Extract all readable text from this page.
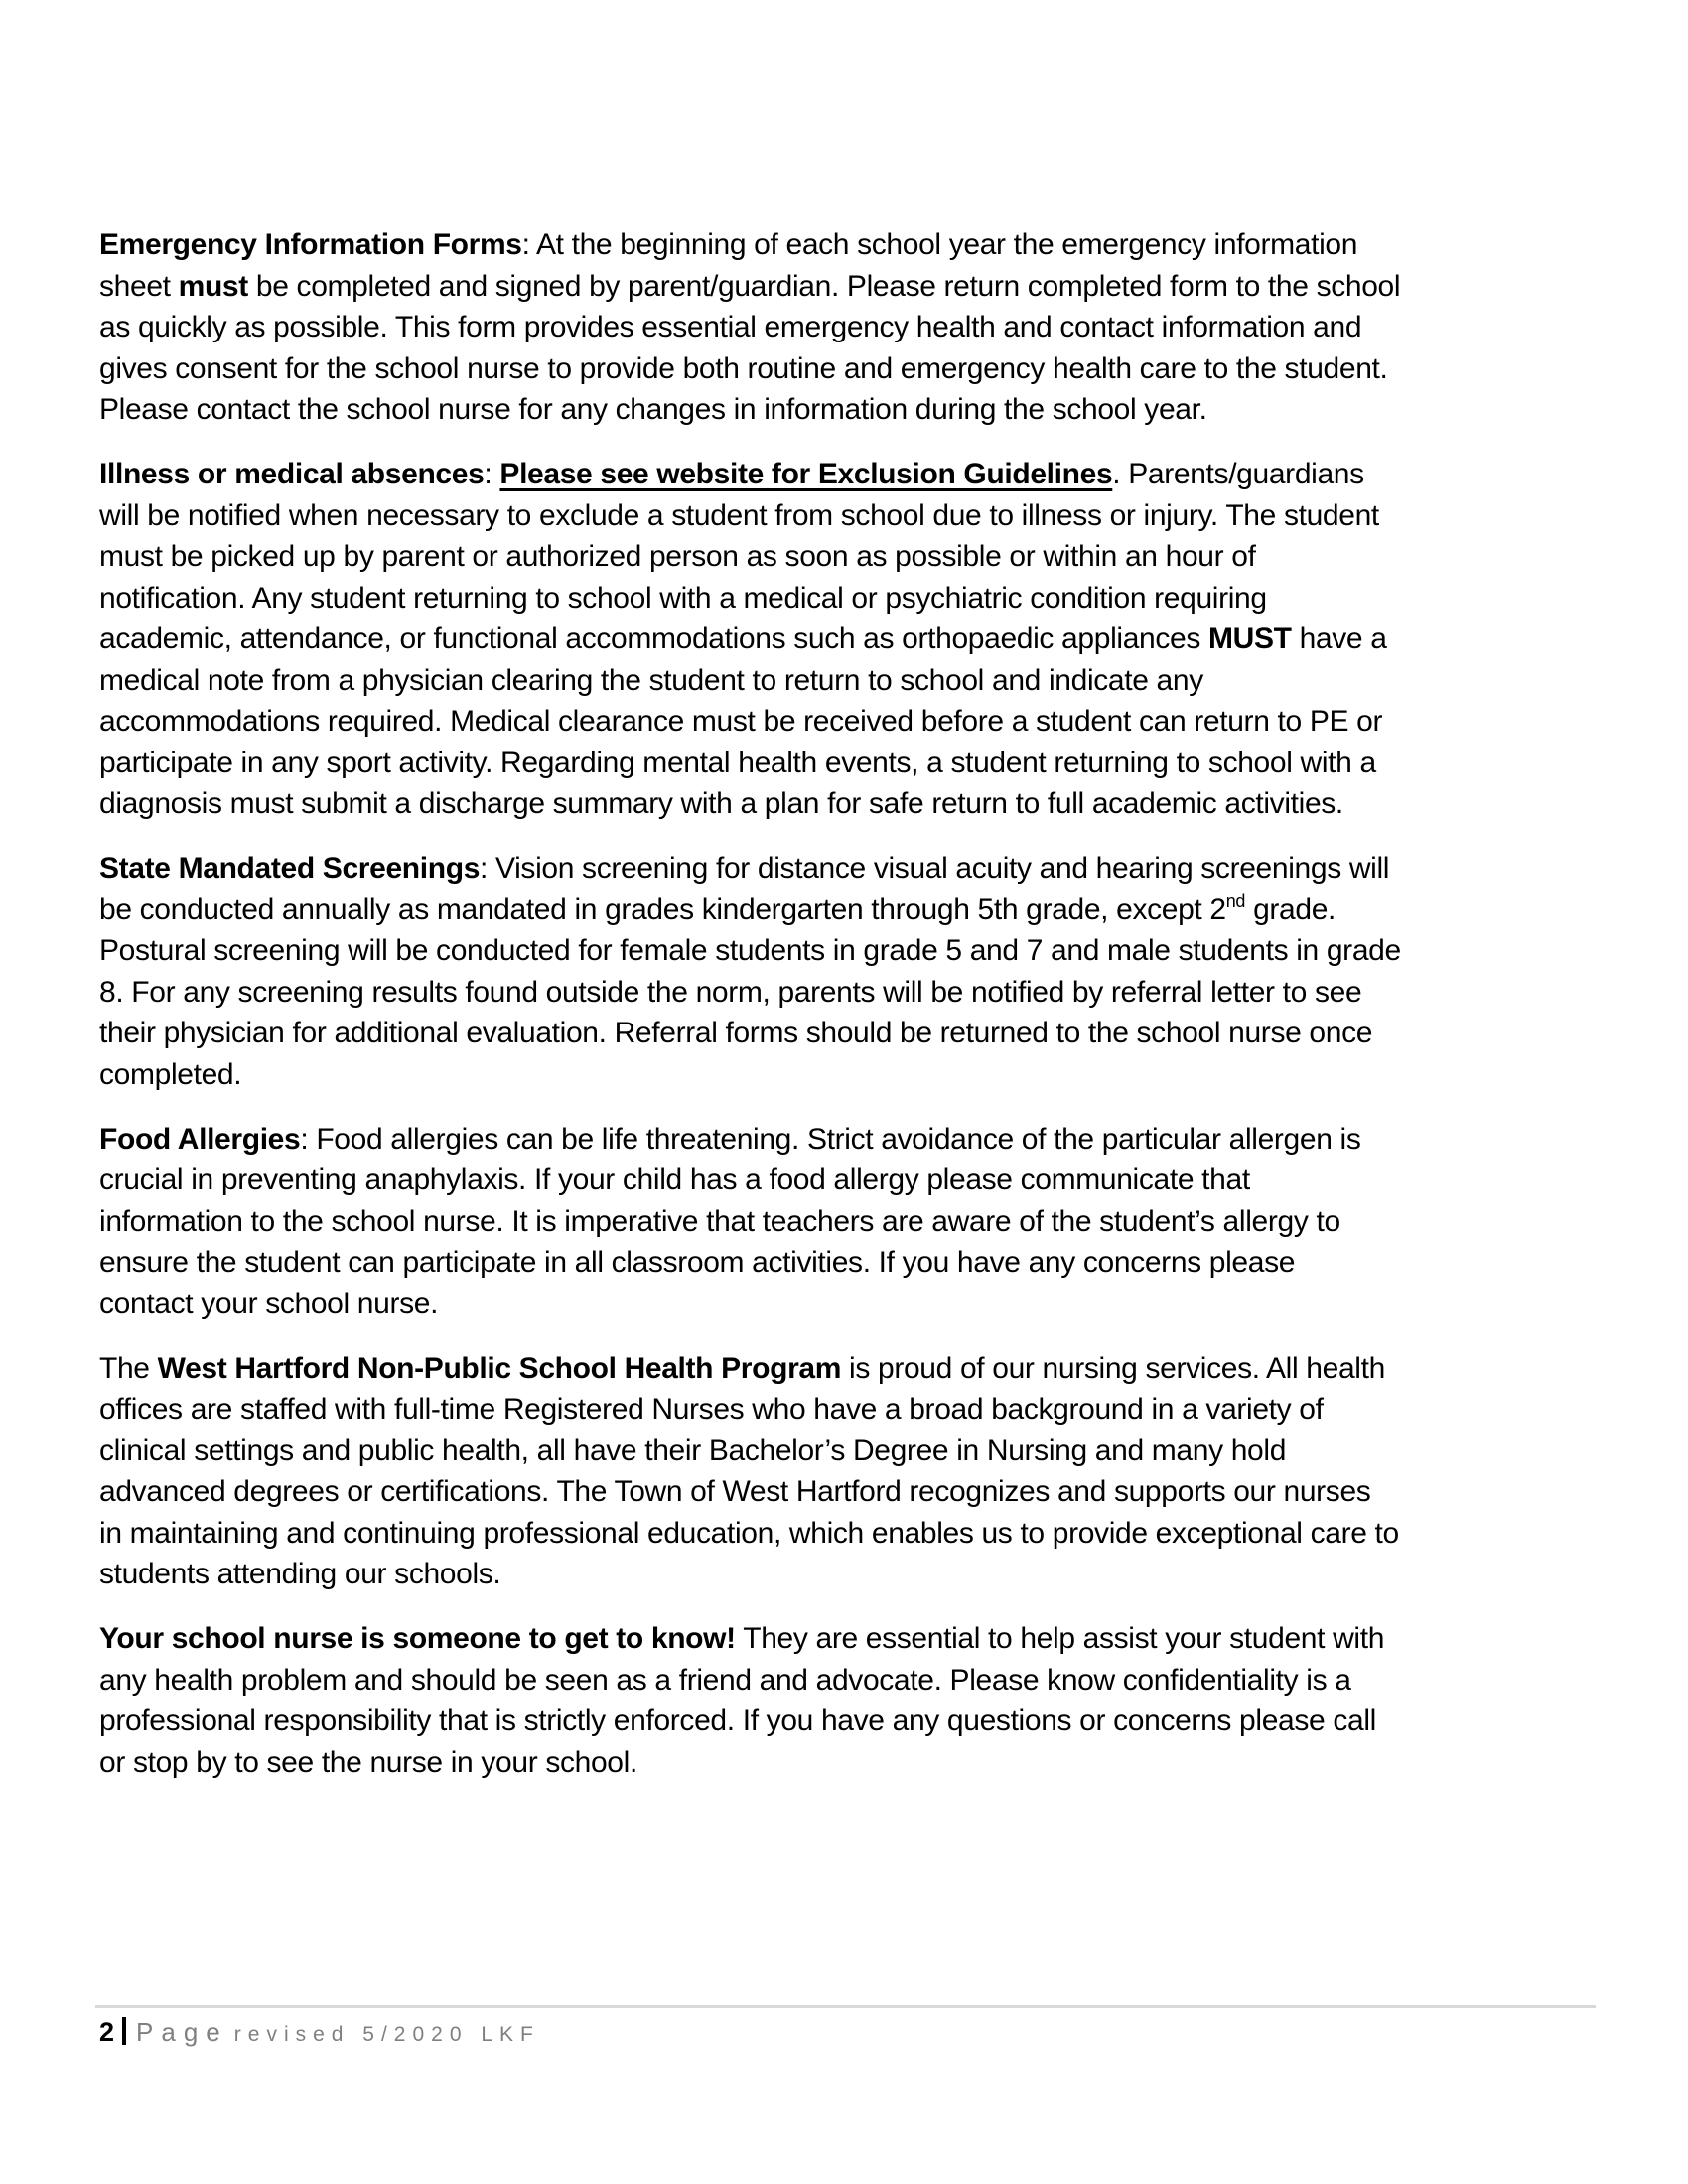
Emergency Information Forms: At the beginning of each school year the emergency information
sheet must be completed and signed by parent/guardian. Please return completed form to the school
as quickly as possible. This form provides essential emergency health and contact information and
gives consent for the school nurse to provide both routine and emergency health care to the student.
Please contact the school nurse for any changes in information during the school year.

Illness or medical absences: Please see website for Exclusion Guidelines. Parents/guardians
will be notified when necessary to exclude a student from school due to illness or injury. The student
must be picked up by parent or authorized person as soon as possible or within an hour of
notification. Any student returning to school with a medical or psychiatric condition requiring
academic, attendance, or functional accommodations such as orthopaedic appliances MUST have a
medical note from a physician clearing the student to return to school and indicate any
accommodations required. Medical clearance must be received before a student can return to PE or
participate in any sport activity. Regarding mental health events, a student returning to school with a
diagnosis must submit a discharge summary with a plan for safe return to full academic activities.

State Mandated Screenings: Vision screening for distance visual acuity and hearing screenings will
be conducted annually as mandated in grades kindergarten through 5th grade, except 2nd grade.
Postural screening will be conducted for female students in grade 5 and 7 and male students in grade
8. For any screening results found outside the norm, parents will be notified by referral letter to see
their physician for additional evaluation. Referral forms should be returned to the school nurse once
completed.

Food Allergies: Food allergies can be life threatening. Strict avoidance of the particular allergen is
crucial in preventing anaphylaxis. If your child has a food allergy please communicate that
information to the school nurse. It is imperative that teachers are aware of the student’s allergy to
ensure the student can participate in all classroom activities. If you have any concerns please
contact your school nurse.

The West Hartford Non-Public School Health Program is proud of our nursing services. All health
offices are staffed with full-time Registered Nurses who have a broad background in a variety of
clinical settings and public health, all have their Bachelor’s Degree in Nursing and many hold
advanced degrees or certifications. The Town of West Hartford recognizes and supports our nurses
in maintaining and continuing professional education, which enables us to provide exceptional care to
students attending our schools.

Your school nurse is someone to get to know! They are essential to help assist your student with
any health problem and should be seen as a friend and advocate. Please know confidentiality is a
professional responsibility that is strictly enforced. If you have any questions or concerns please call
or stop by to see the nurse in your school.

2 Page revised 5/2020 LKF
